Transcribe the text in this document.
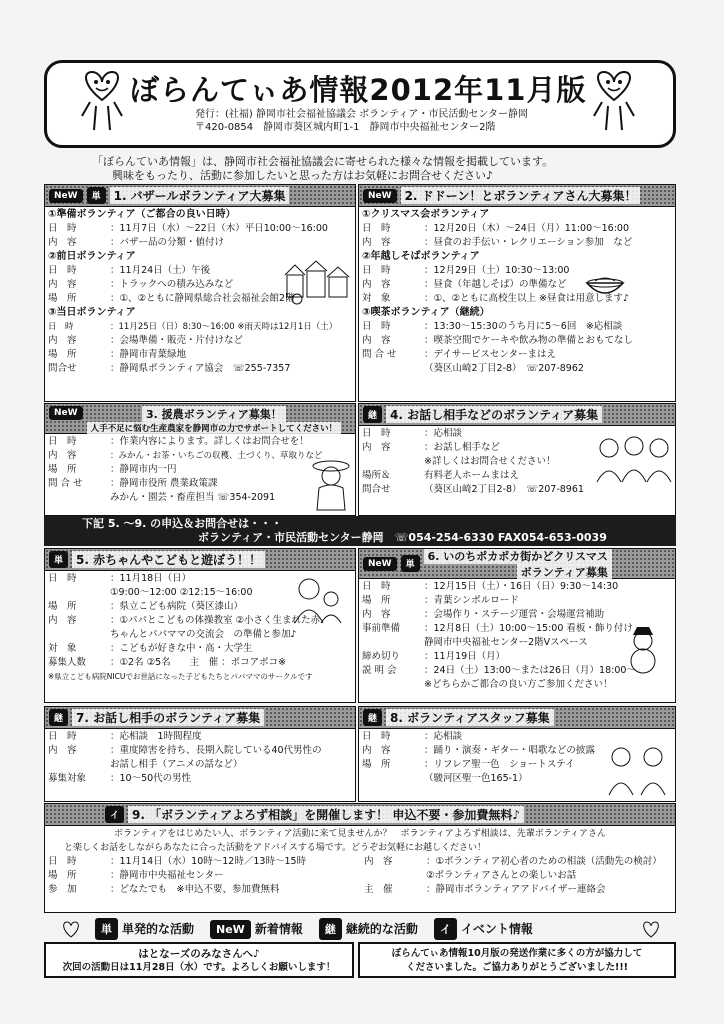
ぼらんてぃあ情報2012年11月版
発行：(社福) 静岡市社会福祉協議会 ボランティア・市民活動センター静岡
〒420-0854　静岡市葵区城内町1-1　静岡市中央福祉センター2階
「ぼらんていあ情報」は、静岡市社会福祉協議会に寄せられた様々な情報を掲載しています。
興味をもったり、活動に参加したいと思った方はお気軽にお問合せください♪
NeW	単	1. バザールボランティア大募集
①準備ボランティア（ご都合の良い日時）
日　時	：11月7日（水）～22日（木）平日10:00～16:00
内　容	：バザー品の分類・値付け
②前日ボランティア
日　時	：11月24日（土）午後
内　容	：トラックへの積み込みなど
場　所	：①、②ともに静岡県総合社会福祉会館2階
③当日ボランティア
日　時	：11月25日（日）8:30～16:00 ※雨天時は12月1日（土）
内　容	：会場準備・販売・片付けなど
場　所	：静岡市青葉緑地
問合せ	：静岡県ボランティア協会　☏255-7357
NeW	2. ドドーン！とボランティアさん大募集！
①クリスマス会ボランティア
日　時	：12月20日（木）～24日（月）11:00～16:00
内　容	：昼食のお手伝い・レクリエーション参加　など
②年越しそばボランティア
日　時	：12月29日（土）10:30～13:00
内　容	：昼食（年越しそば）の準備など
対　象	：①、②ともに高校生以上 ※昼食は用意します♪
③喫茶ボランティア（継続）
日　時	：13:30～15:30のうち月に5～6回　※応相談
内　容	：喫茶空間でケーキや飲み物の準備とおもてなし
問 合 せ	：デイサービスセンターまはえ
（葵区山崎2丁目2-8）　☏207-8962
NeW	3. 援農ボランティア募集！
人手不足に悩む生産農家を静岡市の力でサポートしてください！
日　時	：作業内容によります。詳しくはお問合せを！
内　容	：みかん・お茶・いちごの収穫、土づくり、草取りなど
場　所	：静岡市内一円
問 合 せ	：静岡市役所 農業政策課
みかん・園芸・畜産担当 ☏354-2091
継	4. お話し相手などのボランティア募集
日　時	：応相談
内　容	：お話し相手など
※詳しくはお問合せください！
場所＆	有料老人ホームまはえ
問合せ	（葵区山崎2丁目2-8）　☏207-8961
下記 5. ～9. の申込＆お問合せは・・・
ボランティア・市民活動センター静岡　☏054-254-6330 FAX054-653-0039
単	5. 赤ちゃんやこどもと遊ぼう！！
日　時	：11月18日（日）
①9:00～12:00 ②12:15～16:00
場　所	：県立こども病院（葵区漆山）
内　容	：①パパとこどもの体操教室 ②小さく生まれた赤
ちゃんとパパママの交流会　の準備と参加♪
対　象	：こどもが好きな中・高・大学生
募集人数	：①2名 ②5名　　主　催 ：ポコアポコ※
※県立こども病院NICUでお世話になった子どもたちとパパママのサークルです
NeW	単
6. いのちポカポカ街かどクリスマス
ボランティア募集
日　時	：12月15日（土）・16日（日）9:30～14:30
場　所	：青葉シンボルロード
内　容	：会場作り・ステージ運営・会場運営補助
事前準備	：12月8日（土）10:00～15:00 看板・飾り付け
静岡市中央福祉センター2階Vスペース
締め切り	：11月19日（月）
説 明 会	：24日（土）13:00～または26日（月）18:00～
※どちらかご都合の良い方ご参加ください！
継	7. お話し相手のボランティア募集
日　時	：応相談　1時間程度
内　容	：重度障害を持ち、長期入院している40代男性の
お話し相手（アニメの話など）
募集対象	：10～50代の男性
継	8. ボランティアスタッフ募集
日　時	：応相談
内　容	：踊り・演奏・ギター・唱歌などの披露
場　所	：リフレア聖一色　ショートステイ
（駿河区聖一色165-1）
イ	9. 「ボランティアよろず相談」を開催します！ 申込不要・参加費無料♪
ボランティアをはじめたい人、ボランティア活動に来て見ませんか？　ボランティアよろず相談は、先輩ボランティアさん
と楽しくお話をしながらあなたに合った活動をアドバイスする場です。どうぞお気軽にお越しください！
日　時	：11月14日（水）10時～12時／13時～15時
場　所	：静岡市中央福祉センター
参　加	：どなたでも　※申込不要、参加費無料
内　容	：①ボランティア初心者のための相談（活動先の検討）
②ボランティアさんとの楽しいお話
主　催	：静岡市ボランティアアドバイザー連絡会
単 単発的な活動	NeW 新着情報	継 継続的な活動	イ イベント情報
はとなーズのみなさんへ♪
次回の活動日は11月28日（水）です。よろしくお願いします！
ぼらんてぃあ情報10月版の発送作業に多くの方が協力して
くださいました。ご協力ありがとうございました!!!
